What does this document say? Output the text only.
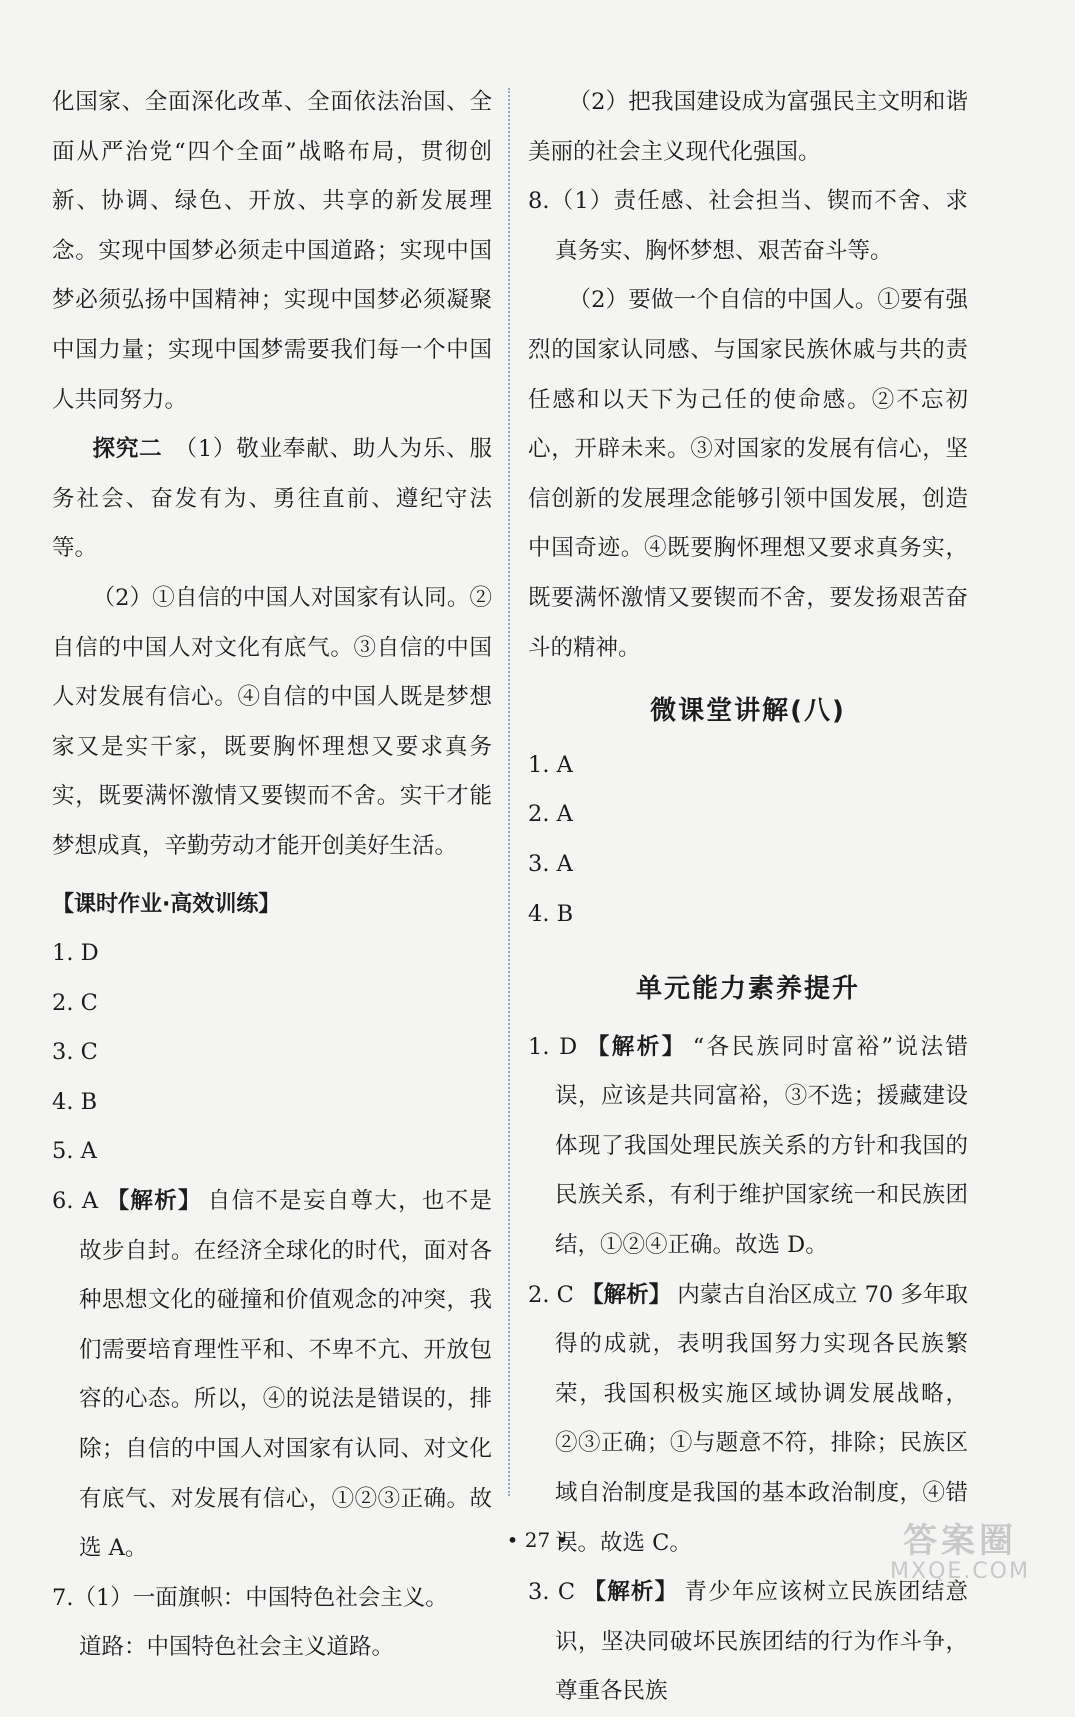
化国家、全面深化改革、全面依法治国、全面从严治党“四个全面”战略布局，贯彻创新、协调、绿色、开放、共享的新发展理念。实现中国梦必须走中国道路；实现中国梦必须弘扬中国精神；实现中国梦必须凝聚中国力量；实现中国梦需要我们每一个中国人共同努力。

探究二　 （1）敬业奉献、助人为乐、服务社会、奋发有为、勇往直前、遵纪守法等。

（2）①自信的中国人对国家有认同。②自信的中国人对文化有底气。③自信的中国人对发展有信心。④自信的中国人既是梦想家又是实干家，既要胸怀理想又要求真务实，既要满怀激情又要锲而不舍。实干才能梦想成真，辛勤劳动才能开创美好生活。

【课时作业·高效训练】

1. D

2. C

3. C

4. B

5. A

6. A 【解析】 自信不是妄自尊大，也不是故步自封。在经济全球化的时代，面对各种思想文化的碰撞和价值观念的冲突，我们需要培育理性平和、不卑不亢、开放包容的心态。所以，④的说法是错误的，排除；自信的中国人对国家有认同、对文化有底气、对发展有信心，①②③正确。故选 A。

7.（1）一面旗帜：中国特色社会主义。

道路：中国特色社会主义道路。

（2）把我国建设成为富强民主文明和谐美丽的社会主义现代化强国。

8.（1）责任感、社会担当、锲而不舍、求真务实、胸怀梦想、艰苦奋斗等。

（2）要做一个自信的中国人。①要有强烈的国家认同感、与国家民族休戚与共的责任感和以天下为己任的使命感。②不忘初心，开辟未来。③对国家的发展有信心，坚信创新的发展理念能够引领中国发展，创造中国奇迹。④既要胸怀理想又要求真务实，既要满怀激情又要锲而不舍，要发扬艰苦奋斗的精神。

微课堂讲解(八)

1. A

2. A

3. A

4. B

单元能力素养提升

1. D 【解析】 “各民族同时富裕”说法错误，应该是共同富裕，③不选；援藏建设体现了我国处理民族关系的方针和我国的民族关系，有利于维护国家统一和民族团结，①②④正确。故选 D。

2. C 【解析】 内蒙古自治区成立 70 多年取得的成就，表明我国努力实现各民族繁荣，我国积极实施区域协调发展战略，②③正确；①与题意不符，排除；民族区域自治制度是我国的基本政治制度，④错误。故选 C。

3. C 【解析】 青少年应该树立民族团结意识，坚决同破坏民族团结的行为作斗争，尊重各民族

• 27 •	答案圈
MXQE.COM
